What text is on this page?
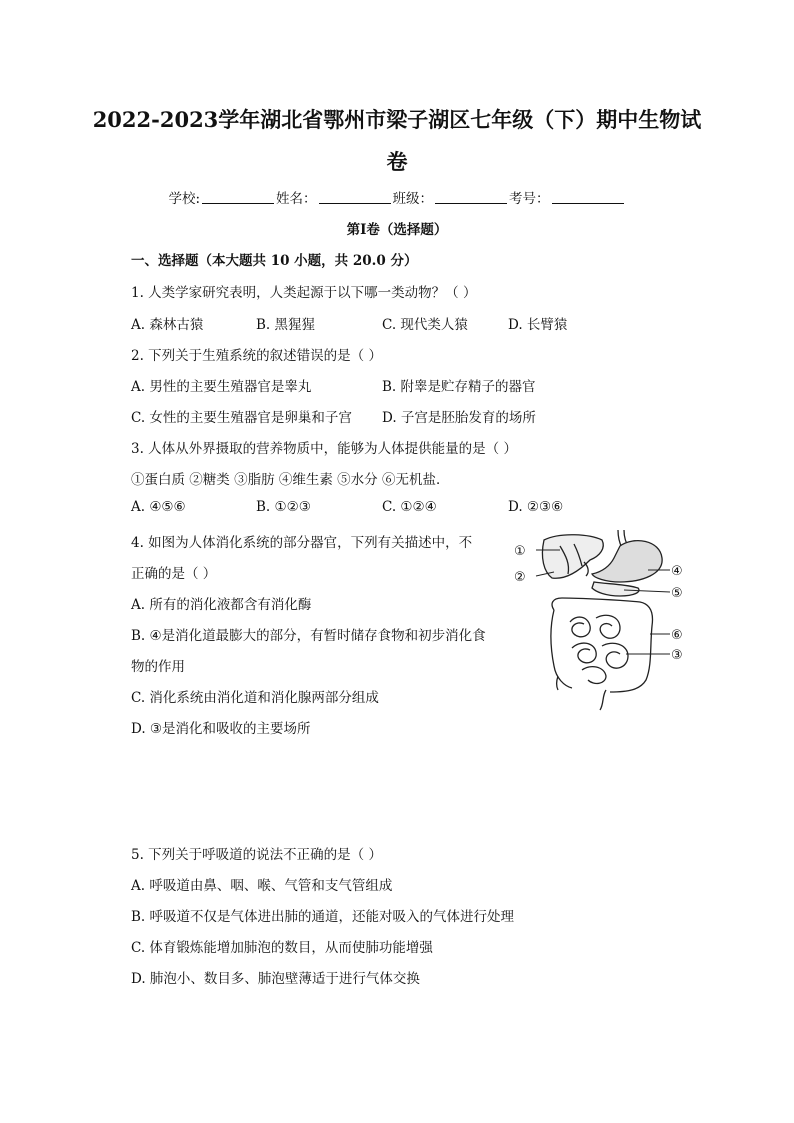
2022-2023学年湖北省鄂州市梁子湖区七年级（下）期中生物试
卷
学校:	姓名：	班级：	考号：
第Ⅰ卷（选择题）
一、选择题（本大题共 10 小题，共 20.0 分）
1. 人类学家研究表明，人类起源于以下哪一类动物？（ ）
A. 森林古猿	B. 黑猩猩	C. 现代类人猿	D. 长臂猿
2. 下列关于生殖系统的叙述错误的是（ ）
A. 男性的主要生殖器官是睾丸	B. 附睾是贮存精子的器官
C. 女性的主要生殖器官是卵巢和子宫 D. 子宫是胚胎发育的场所
3. 人体从外界摄取的营养物质中，能够为人体提供能量的是（ ）
①蛋白质 ②糖类 ③脂肪 ④维生素 ⑤水分 ⑥无机盐．
A. ④⑤⑥	B. ①②③	C. ①②④	D. ②③⑥
4. 如图为人体消化系统的部分器官，下列有关描述中，不
正确的是（ ）
A. 所有的消化液都含有消化酶
B. ④是消化道最膨大的部分，有暂时储存食物和初步消化食
物的作用
C. 消化系统由消化道和消化腺两部分组成
D. ③是消化和吸收的主要场所
①
②	④
⑤
⑥
③
5. 下列关于呼吸道的说法不正确的是（ ）
A. 呼吸道由鼻、咽、喉、气管和支气管组成
B. 呼吸道不仅是气体进出肺的通道，还能对吸入的气体进行处理
C. 体育锻炼能增加肺泡的数目，从而使肺功能增强
D. 肺泡小、数目多、肺泡壁薄适于进行气体交换
